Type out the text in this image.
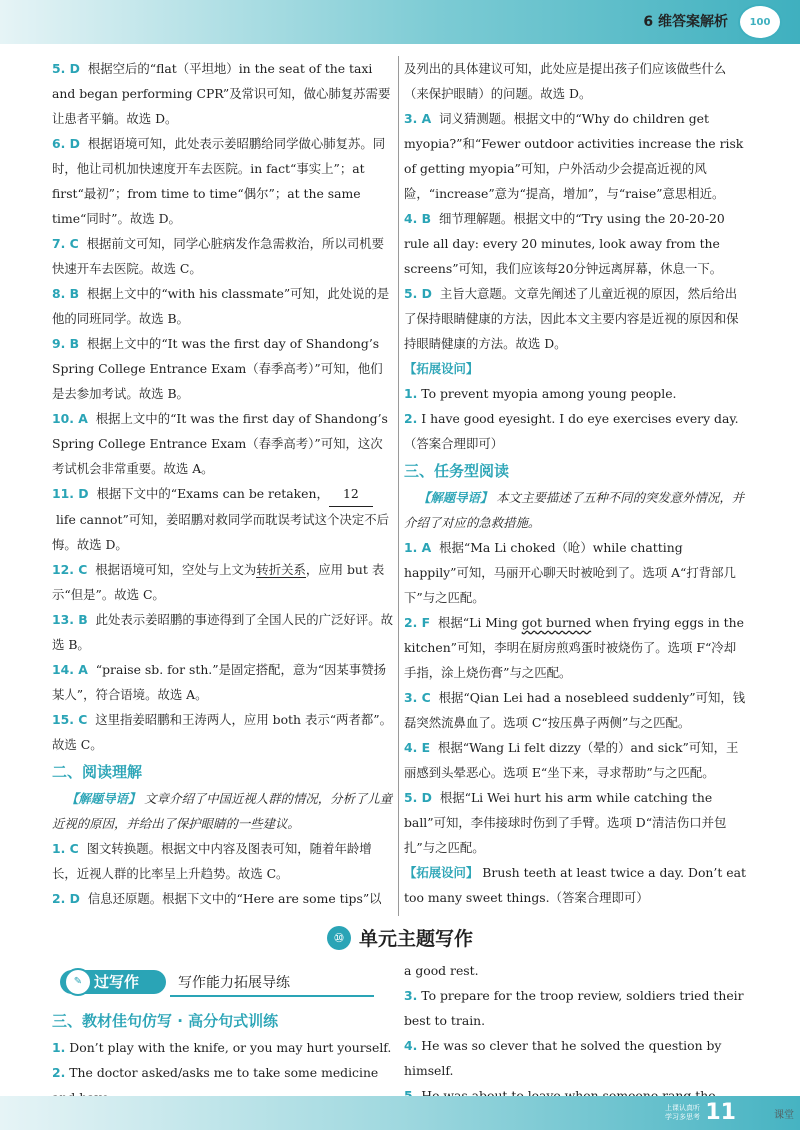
6 维答案解析	100

5. D 根据空后的“flat（平坦地）in the seat of the taxi and began performing CPR”及常识可知，做心肺复苏需要让患者平躺。故选 D。

6. D 根据语境可知，此处表示姜昭鹏给同学做心肺复苏。同时，他让司机加快速度开车去医院。in fact“事实上”；at first“最初”；from time to time“偶尔”；at the same time“同时”。故选 D。

7. C 根据前文可知，同学心脏病发作急需救治，所以司机要快速开车去医院。故选 C。

8. B 根据上文中的“with his classmate”可知，此处说的是他的同班同学。故选 B。

9. B 根据上文中的“It was the first day of Shandong’s Spring College Entrance Exam（春季高考）”可知，他们是去参加考试。故选 B。

10. A 根据上文中的“It was the first day of Shandong’s Spring College Entrance Exam（春季高考）”可知，这次考试机会非常重要。故选 A。

11. D 根据下文中的“Exams can be retaken， 12 life cannot”可知，姜昭鹏对救同学而耽误考试这个决定不后悔。故选 D。

12. C 根据语境可知，空处与上文为转折关系，应用 but 表示“但是”。故选 C。

13. B 此处表示姜昭鹏的事迹得到了全国人民的广泛好评。故选 B。

14. A “praise sb. for sth.”是固定搭配，意为“因某事赞扬某人”，符合语境。故选 A。

15. C 这里指姜昭鹏和王涛两人，应用 both 表示“两者都”。故选 C。

二、阅读理解

【解题导语】 文章介绍了中国近视人群的情况，分析了儿童近视的原因，并给出了保护眼睛的一些建议。

1. C 图文转换题。根据文中内容及图表可知，随着年龄增长，近视人群的比率呈上升趋势。故选 C。

2. D 信息还原题。根据下文中的“Here are some tips”以

及列出的具体建议可知，此处应是提出孩子们应该做些什么（来保护眼睛）的问题。故选 D。

3. A 词义猜测题。根据文中的“Why do children get myopia?”和“Fewer outdoor activities increase the risk of getting myopia”可知，户外活动少会提高近视的风险，“increase”意为“提高，增加”，与“raise”意思相近。

4. B 细节理解题。根据文中的“Try using the 20-20-20 rule all day: every 20 minutes, look away from the screens”可知，我们应该每20分钟远离屏幕，休息一下。

5. D 主旨大意题。文章先阐述了儿童近视的原因，然后给出了保持眼睛健康的方法，因此本文主要内容是近视的原因和保持眼睛健康的方法。故选 D。

【拓展设问】

1. To prevent myopia among young people.

2. I have good eyesight. I do eye exercises every day.（答案合理即可）

三、任务型阅读

【解题导语】 本文主要描述了五种不同的突发意外情况，并介绍了对应的急救措施。

1. A 根据“Ma Li choked（呛）while chatting happily”可知，马丽开心聊天时被呛到了。选项 A“打背部几下”与之匹配。

2. F 根据“Li Ming got burned when frying eggs in the kitchen”可知，李明在厨房煎鸡蛋时被烧伤了。选项 F“冷却手指，涂上烧伤膏”与之匹配。

3. C 根据“Qian Lei had a nosebleed suddenly”可知，钱磊突然流鼻血了。选项 C“按压鼻子两侧”与之匹配。

4. E 根据“Wang Li felt dizzy（晕的）and sick”可知，王丽感到头晕恶心。选项 E“坐下来，寻求帮助”与之匹配。

5. D 根据“Li Wei hurt his arm while catching the ball”可知，李伟接球时伤到了手臂。选项 D“清洁伤口并包扎”与之匹配。

【拓展设问】 Brush teeth at least twice a day. Don’t eat too many sweet things.（答案合理即可）

⑩ 单元主题写作
过写作
✎	写作能力拓展导练
三、教材佳句仿写 · 高分句式训练

1. Don’t play with the knife, or you may hurt yourself.

2. The doctor asked/asks me to take some medicine

a good rest.

3. To prepare for the troop review, soldiers tried their best to train.

4. He was so clever that he solved the question by himself.

上课认真听
学习多思考 11	课堂
